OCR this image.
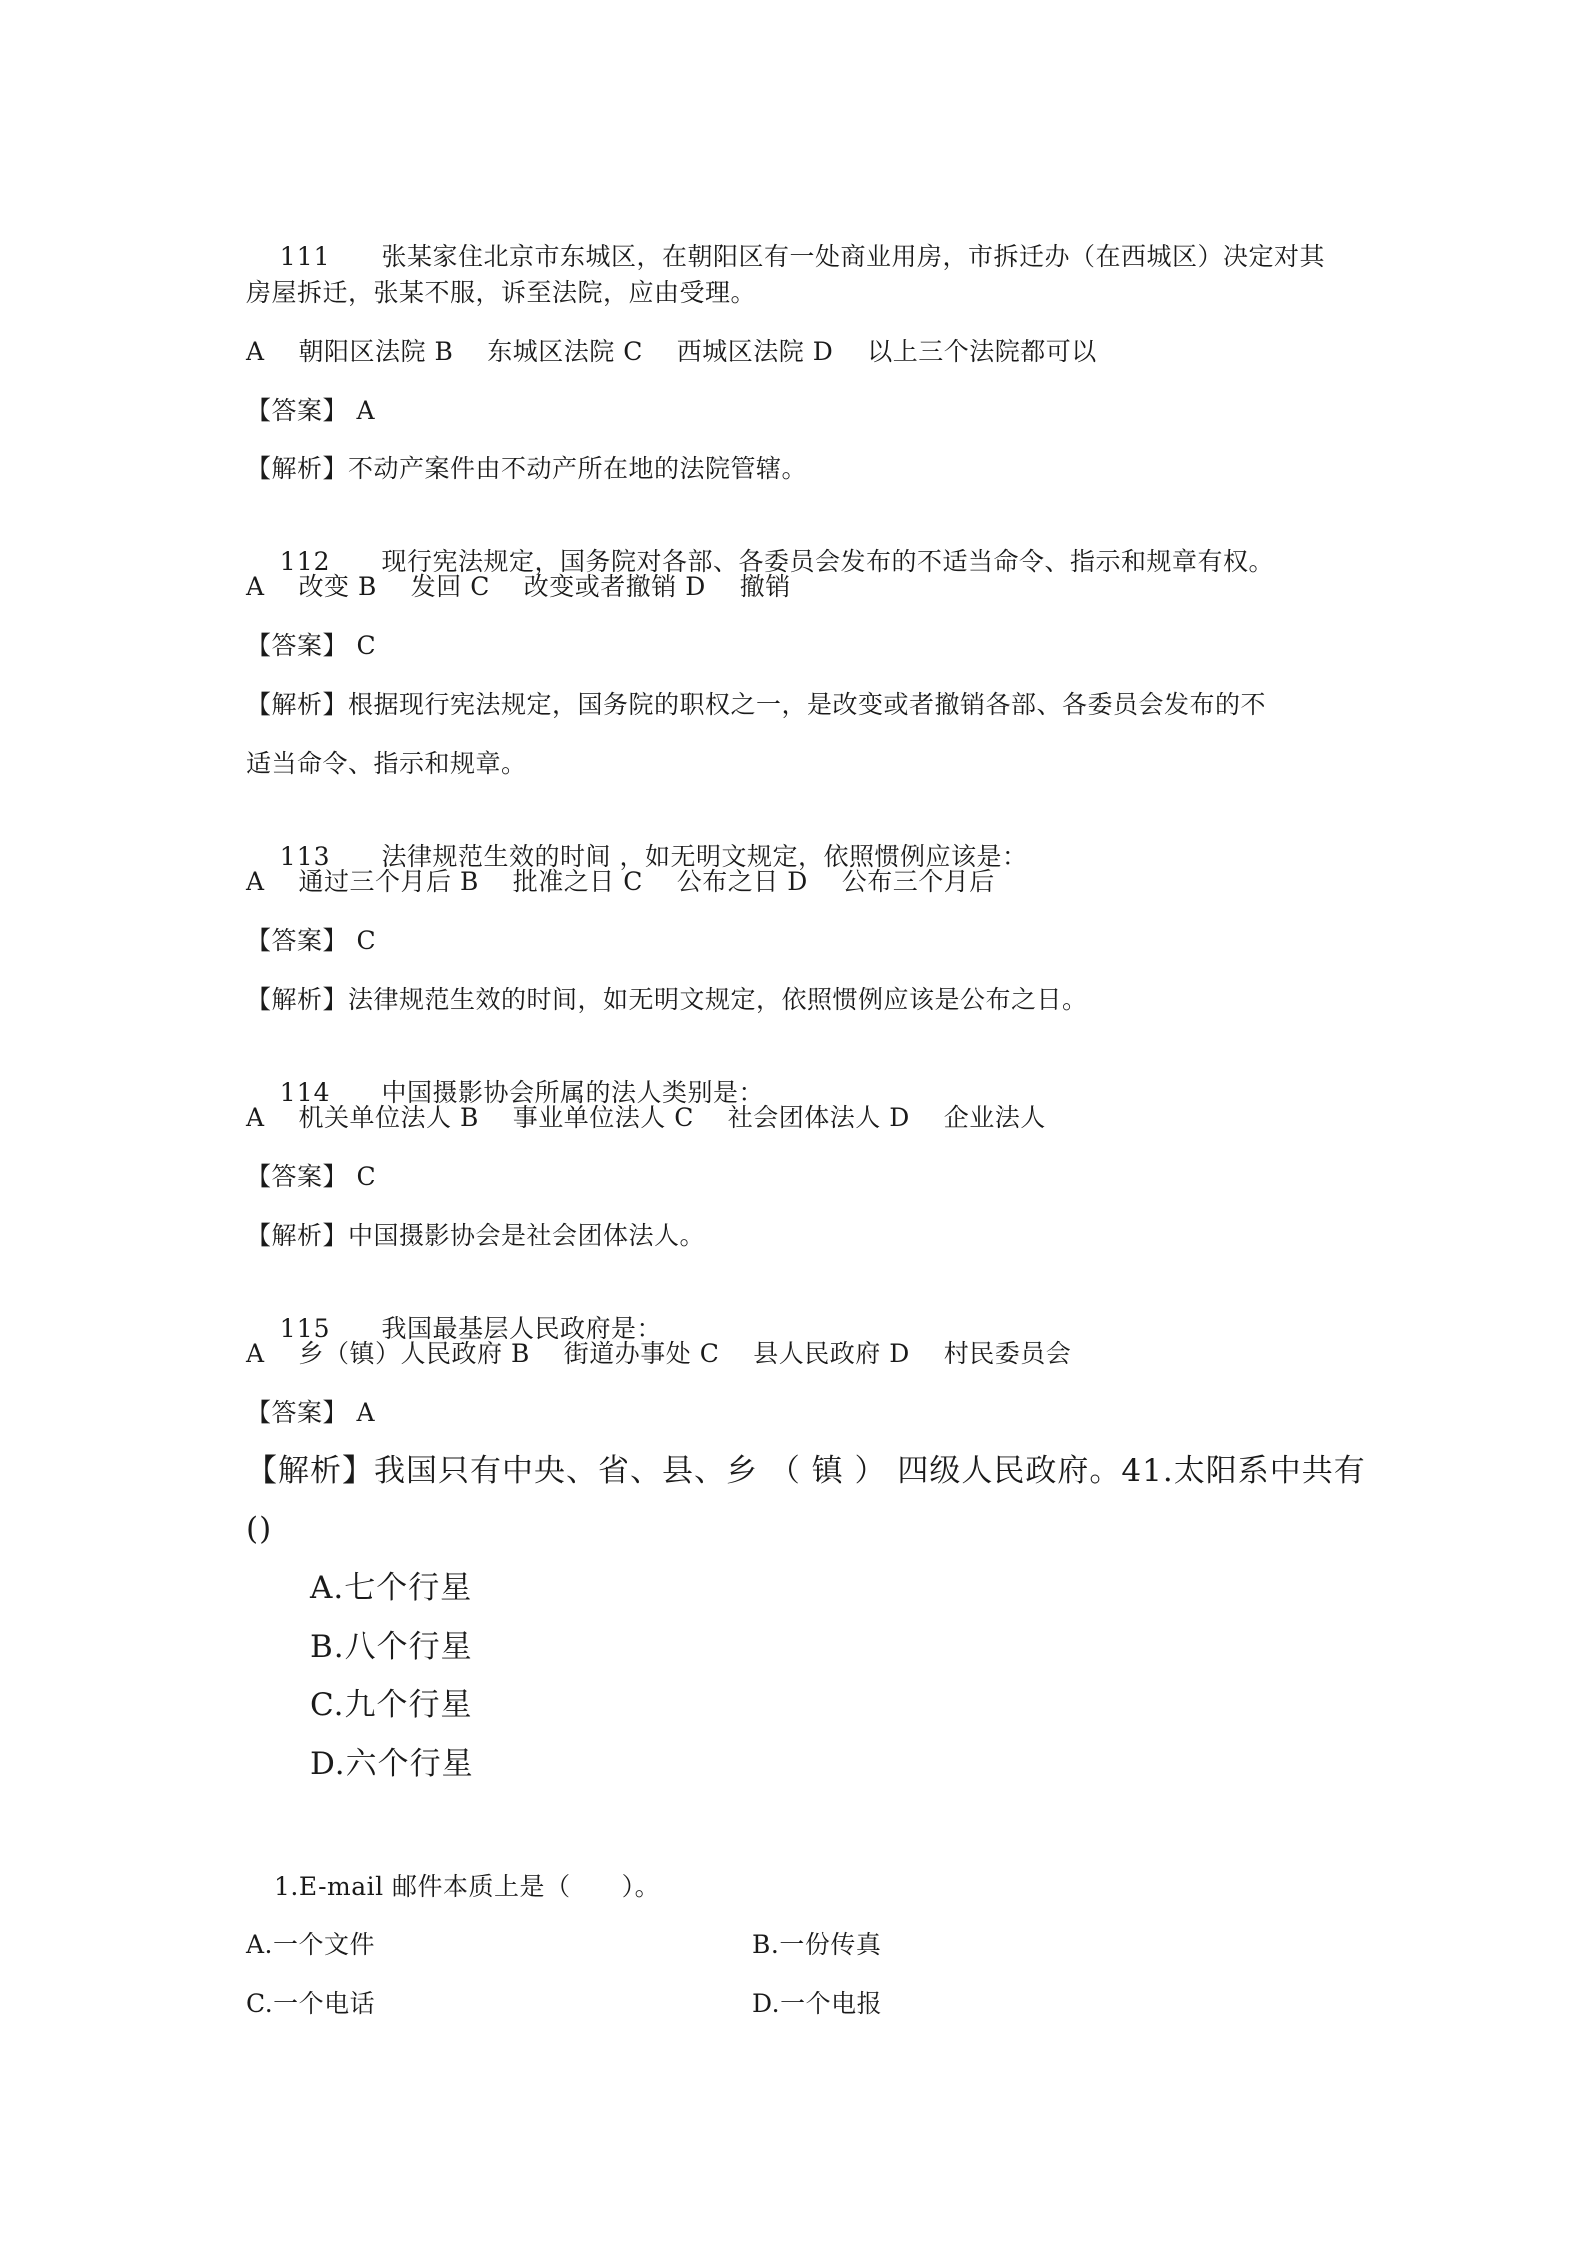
111　　 张某家住北京市东城区，在朝阳区有一处商业用房，市拆迁办（在西城区）决定对其

房屋拆迁，张某不服，诉至法院，应由受理。
A　 朝阳区法院 B　 东城区法院 C　 西城区法院 D　 以上三个法院都可以
【答案】 A
【解析】不动产案件由不动产所在地的法院管辖。

112　　 现行宪法规定，国务院对各部、各委员会发布的不适当命令、指示和规章有权。

A　 改变 B　 发回 C　 改变或者撤销 D　 撤销
【答案】 C
【解析】根据现行宪法规定，国务院的职权之一，是改变或者撤销各部、各委员会发布的不
适当命令、指示和规章。

113　　 法律规范生效的时间 ，如无明文规定，依照惯例应该是：

A　 通过三个月后 B　 批准之日 C　 公布之日 D　 公布三个月后
【答案】 C
【解析】法律规范生效的时间，如无明文规定，依照惯例应该是公布之日。

114　　 中国摄影协会所属的法人类别是：

A　 机关单位法人 B　 事业单位法人 C　 社会团体法人 D　 企业法人
【答案】 C
【解析】中国摄影协会是社会团体法人。

115　　 我国最基层人民政府是：

A　 乡（镇）人民政府 B　 街道办事处 C　 县人民政府 D　 村民委员会
【答案】 A
【解析】我国只有中央、省、县、乡 （ 镇 ） 四级人民政府。41.太阳系中共有
()
A.七个行星
B.八个行星
C.九个行星
D.六个行星
1.E-mail 邮件本质上是（　　）。
A.一个文件	B.一份传真
C.一个电话	D.一个电报
